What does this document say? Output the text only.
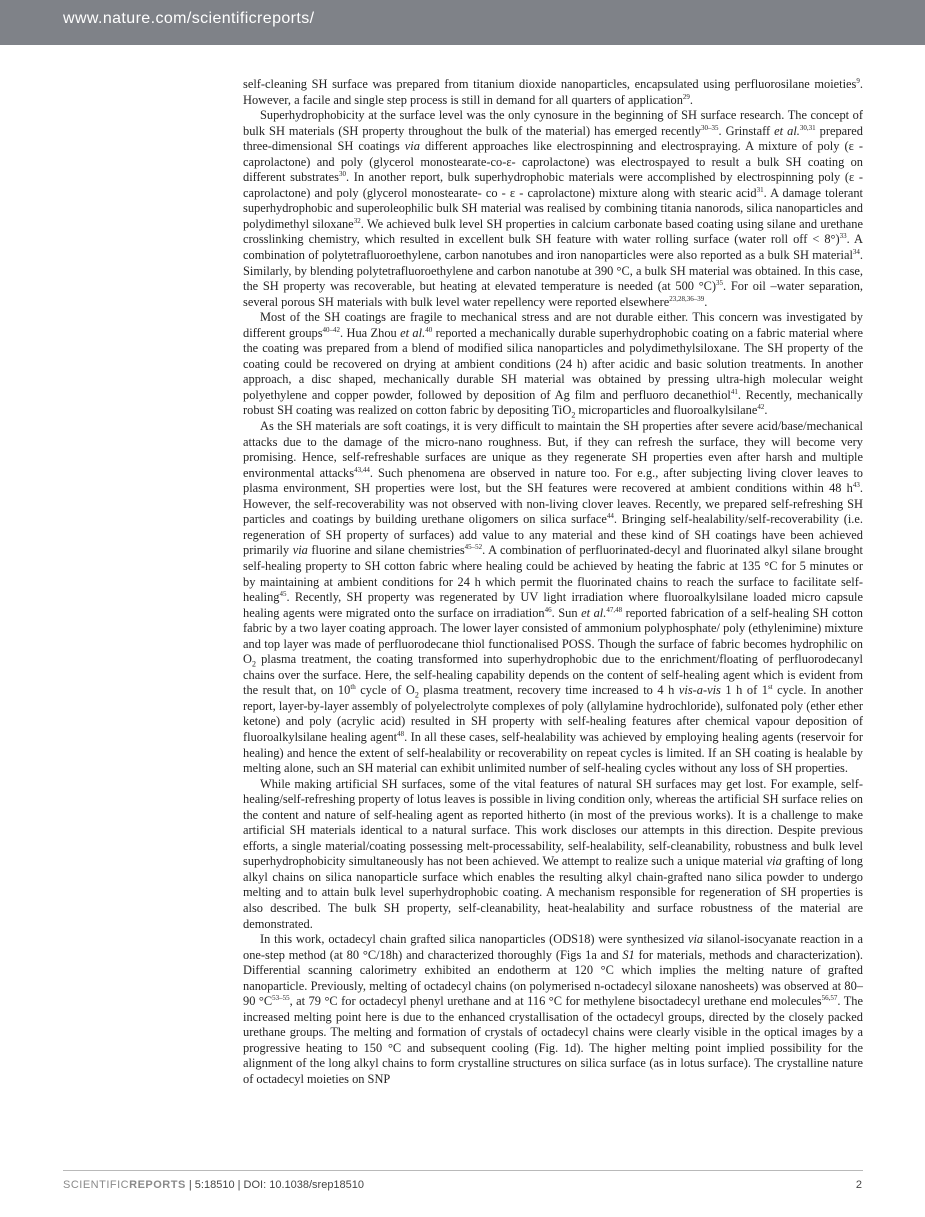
www.nature.com/scientificreports/

self-cleaning SH surface was prepared from titanium dioxide nanoparticles, encapsulated using perfluorosilane moieties$^9$. However, a facile and single step process is still in demand for all quarters of application$^{29}$.

Superhydrophobicity at the surface level was the only cynosure in the beginning of SH surface research. The concept of bulk SH materials (SH property throughout the bulk of the material) has emerged recently$^{30-35}$. Grinstaff et al.$^{30,31}$ prepared three-dimensional SH coatings via different approaches like electrospinning and electrospraying. A mixture of poly (ε -caprolactone) and poly (glycerol monostearate-co-ε- caprolactone) was electrospayed to result a bulk SH coating on different substrates$^{30}$. In another report, bulk superhydrophobic materials were accomplished by electrospinning poly (ε -caprolactone) and poly (glycerol monostearate- co - ε - caprolactone) mixture along with stearic acid$^{31}$. A damage tolerant superhydrophobic and superoleophilic bulk SH material was realised by combining titania nanorods, silica nanoparticles and polydimethyl siloxane$^{32}$. We achieved bulk level SH properties in calcium carbonate based coating using silane and urethane crosslinking chemistry, which resulted in excellent bulk SH feature with water rolling surface (water roll off < 8°)$^{33}$. A combination of polytetrafluoroethylene, carbon nanotubes and iron nanoparticles were also reported as a bulk SH material$^{34}$. Similarly, by blending polytetrafluoroethylene and carbon nanotube at 390 °C, a bulk SH material was obtained. In this case, the SH property was recoverable, but heating at elevated temperature is needed (at 500 °C)$^{35}$. For oil –water separation, several porous SH materials with bulk level water repellency were reported elsewhere$^{23,28,36-39}$.

Most of the SH coatings are fragile to mechanical stress and are not durable either. This concern was investigated by different groups$^{40-42}$. Hua Zhou et al.$^{40}$ reported a mechanically durable superhydrophobic coating on a fabric material where the coating was prepared from a blend of modified silica nanoparticles and polydimethylsiloxane. The SH property of the coating could be recovered on drying at ambient conditions (24 h) after acidic and basic solution treatments. In another approach, a disc shaped, mechanically durable SH material was obtained by pressing ultra-high molecular weight polyethylene and copper powder, followed by deposition of Ag film and perfluoro decanethiol$^{41}$. Recently, mechanically robust SH coating was realized on cotton fabric by depositing TiO$_2$ microparticles and fluoroalkylsilane$^{42}$.

As the SH materials are soft coatings, it is very difficult to maintain the SH properties after severe acid/base/mechanical attacks due to the damage of the micro-nano roughness. But, if they can refresh the surface, they will become very promising. Hence, self-refreshable surfaces are unique as they regenerate SH properties even after harsh and multiple environmental attacks$^{43,44}$. Such phenomena are observed in nature too. For e.g., after subjecting living clover leaves to plasma environment, SH properties were lost, but the SH features were recovered at ambient conditions within 48 h$^{43}$. However, the self-recoverability was not observed with non-living clover leaves. Recently, we prepared self-refreshing SH particles and coatings by building urethane oligomers on silica surface$^{44}$. Bringing self-healability/self-recoverability (i.e. regeneration of SH property of surfaces) add value to any material and these kind of SH coatings have been achieved primarily via fluorine and silane chemistries$^{45-52}$. A combination of perfluorinated-decyl and fluorinated alkyl silane brought self-healing property to SH cotton fabric where healing could be achieved by heating the fabric at 135 °C for 5 minutes or by maintaining at ambient conditions for 24 h which permit the fluorinated chains to reach the surface to facilitate self-healing$^{45}$. Recently, SH property was regenerated by UV light irradiation where fluoroalkylsilane loaded micro capsule healing agents were migrated onto the surface on irradiation$^{46}$. Sun et al.$^{47,48}$ reported fabrication of a self-healing SH cotton fabric by a two layer coating approach. The lower layer consisted of ammonium polyphosphate/ poly (ethylenimine) mixture and top layer was made of perfluorodecane thiol functionalised POSS. Though the surface of fabric becomes hydrophilic on $O_2$ plasma treatment, the coating transformed into superhydrophobic due to the enrichment/floating of perfluorodecanyl chains over the surface. Here, the self-healing capability depends on the content of self-healing agent which is evident from the result that, on 10th cycle of $O_2$ plasma treatment, recovery time increased to 4 h vis-a-vis 1 h of 1st cycle. In another report, layer-by-layer assembly of polyelectrolyte complexes of poly (allylamine hydrochloride), sulfonated poly (ether ether ketone) and poly (acrylic acid) resulted in SH property with self-healing features after chemical vapour deposition of fluoroalkylsilane healing agent$^{48}$. In all these cases, self-healability was achieved by employing healing agents (reservoir for healing) and hence the extent of self-healability or recoverability on repeat cycles is limited. If an SH coating is healable by melting alone, such an SH material can exhibit unlimited number of self-healing cycles without any loss of SH properties.

While making artificial SH surfaces, some of the vital features of natural SH surfaces may get lost. For example, self-healing/self-refreshing property of lotus leaves is possible in living condition only, whereas the artificial SH surface relies on the content and nature of self-healing agent as reported hitherto (in most of the previous works). It is a challenge to make artificial SH materials identical to a natural surface. This work discloses our attempts in this direction. Despite previous efforts, a single material/coating possessing melt-processability, self-healability, self-cleanability, robustness and bulk level superhydrophobicity simultaneously has not been achieved. We attempt to realize such a unique material via grafting of long alkyl chains on silica nanoparticle surface which enables the resulting alkyl chain-grafted nano silica powder to undergo melting and to attain bulk level superhydrophobic coating. A mechanism responsible for regeneration of SH properties is also described. The bulk SH property, self-cleanability, heat-healability and surface robustness of the material are demonstrated.

In this work, octadecyl chain grafted silica nanoparticles (ODS18) were synthesized via silanol-isocyanate reaction in a one-step method (at 80 °C/18h) and characterized thoroughly (Figs 1a and S1 for materials, methods and characterization). Differential scanning calorimetry exhibited an endotherm at 120 °C which implies the melting nature of grafted nanoparticle. Previously, melting of octadecyl chains (on polymerised n-octadecyl siloxane nanosheets) was observed at 80–90 °C$^{53-55}$, at 79 °C for octadecyl phenyl urethane and at 116 °C for methylene bisoctadecyl urethane end molecules$^{56,57}$. The increased melting point here is due to the enhanced crystallisation of the octadecyl groups, directed by the closely packed urethane groups. The melting and formation of crystals of octadecyl chains were clearly visible in the optical images by a progressive heating to 150 °C and subsequent cooling (Fig. 1d). The higher melting point implied possibility for the alignment of the long alkyl chains to form crystalline structures on silica surface (as in lotus surface). The crystalline nature of octadecyl moieties on SNP

SCIENTIFICREPORTS | 5:18510 | DOI: 10.1038/srep18510	2
